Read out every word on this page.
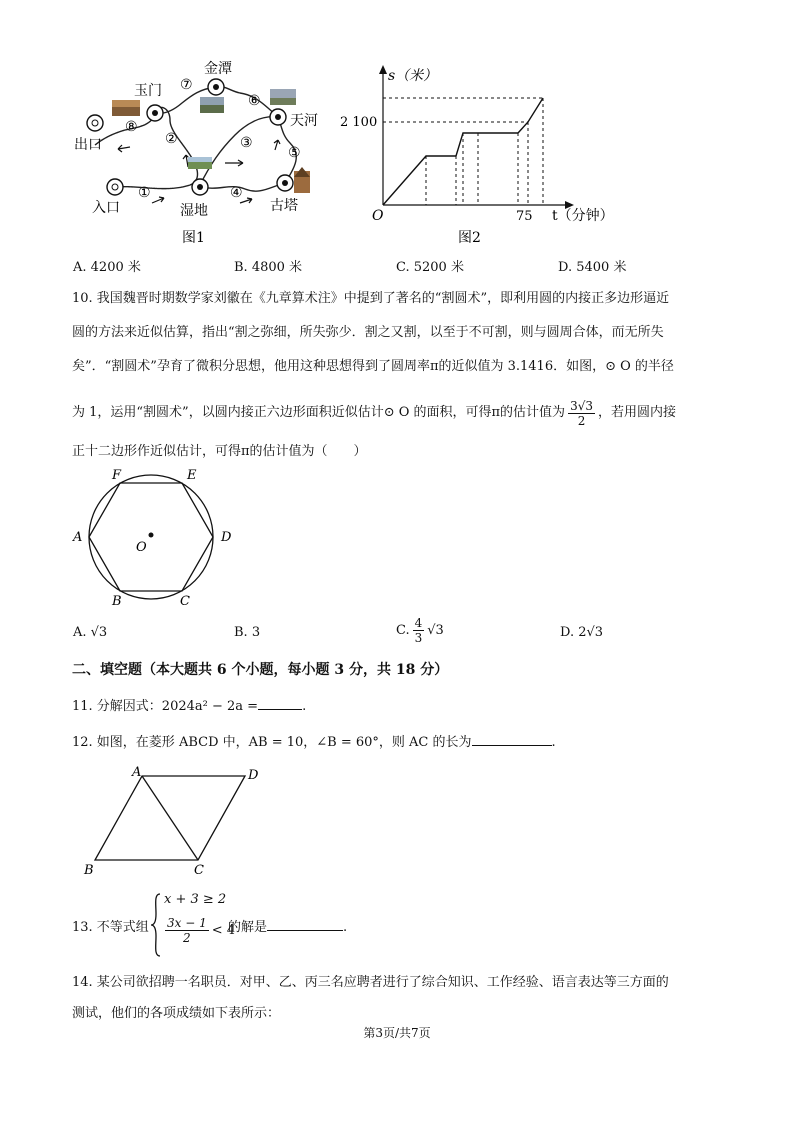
金潭
玉门
天河
出口
入口	湿地	古塔
①
②	③
④
⑤
⑥
⑦
⑧
图1
s（米）
2 100
O	75 t（分钟）
图2
A. 4200 米	B. 4800 米	C. 5200 米	D. 5400 米
10. 我国魏晋时期数学家刘徽在《九章算术注》中提到了著名的“割圆术”，即利用圆的内接正多边形逼近
圆的方法来近似估算，指出“割之弥细，所失弥少．割之又割，以至于不可割，则与圆周合体，而无所失
矣”．“割圆术”孕育了微积分思想，他用这种思想得到了圆周率π的近似值为 3.1416．如图，⊙ O 的半径
为 1，运用“割圆术”，以圆内接正六边形面积近似估计⊙ O 的面积，可得π的估计值为 $\frac{3√3}{2}$ ，若用圆内接
正十二边形作近似估计，可得π的估计值为（　　）
F	E
A	D
O
B	C
A. √3	B. 3	C. $\frac{4}{3} √3$	D. 2√3
二、填空题（本大题共 6 个小题，每小题 3 分，共 18 分）
11. 分解因式：2024a² − 2a =	.
12. 如图，在菱形 ABCD 中，AB = 10，∠B = 60°，则 AC 的长为	.
A	D
B	C
13. 不等式组
x + 3 ≥ 2
$\frac{3x - 1}{2} < 4$
的解是	.
14. 某公司欲招聘一名职员．对甲、乙、丙三名应聘者进行了综合知识、工作经验、语言表达等三方面的
测试，他们的各项成绩如下表所示：
第3页/共7页
